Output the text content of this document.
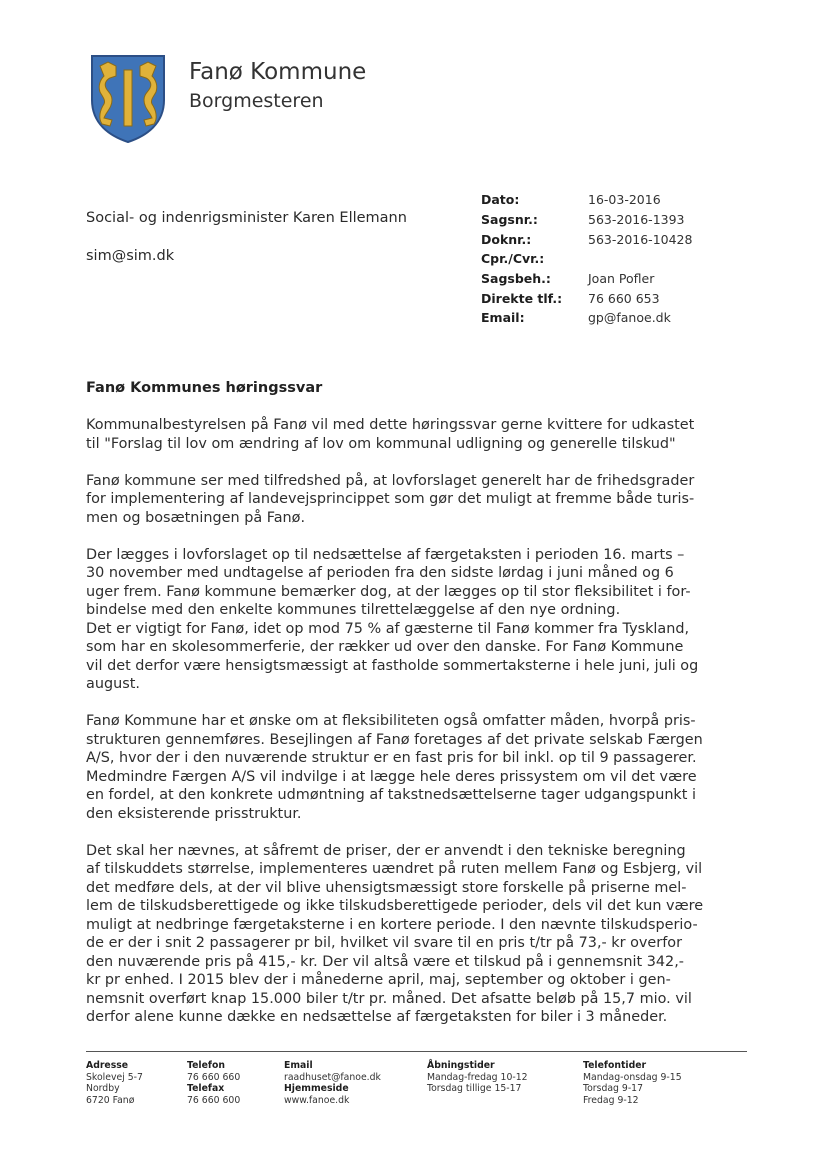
Fanø Kommune
Borgmesteren
Social- og indenrigsminister Karen Ellemann
sim@sim.dk
Dato:	16-03-2016
Sagsnr.:	563-2016-1393
Doknr.:	563-2016-10428
Cpr./Cvr.:
Sagsbeh.:	Joan Pofler
Direkte tlf.:	76 660 653
Email:	gp@fanoe.dk
Fanø Kommunes høringssvar

Kommunalbestyrelsen på Fanø vil med dette høringssvar gerne kvittere for udkastet
til "Forslag til lov om ændring af lov om kommunal udligning og generelle tilskud"

Fanø kommune ser med tilfredshed på, at lovforslaget generelt har de frihedsgrader
for implementering af landevejsprincippet som gør det muligt at fremme både turis-
men og bosætningen på Fanø.

Der lægges i lovforslaget op til nedsættelse af færgetaksten i perioden 16. marts –
30 november med undtagelse af perioden fra den sidste lørdag i juni måned og 6
uger frem. Fanø kommune bemærker dog, at der lægges op til stor fleksibilitet i for-
bindelse med den enkelte kommunes tilrettelæggelse af den nye ordning.
Det er vigtigt for Fanø, idet op mod 75 % af gæsterne til Fanø kommer fra Tyskland,
som har en skolesommerferie, der rækker ud over den danske. For Fanø Kommune
vil det derfor være hensigtsmæssigt at fastholde sommertaksterne i hele juni, juli og
august.

Fanø Kommune har et ønske om at fleksibiliteten også omfatter måden, hvorpå pris-
strukturen gennemføres. Besejlingen af Fanø foretages af det private selskab Færgen
A/S, hvor der i den nuværende struktur er en fast pris for bil inkl. op til 9 passagerer.
Medmindre Færgen A/S vil indvilge i at lægge hele deres prissystem om vil det være
en fordel, at den konkrete udmøntning af takstnedsættelserne tager udgangspunkt i
den eksisterende prisstruktur.

Det skal her nævnes, at såfremt de priser, der er anvendt i den tekniske beregning
af tilskuddets størrelse, implementeres uændret på ruten mellem Fanø og Esbjerg, vil
det medføre dels, at der vil blive uhensigtsmæssigt store forskelle på priserne mel-
lem de tilskudsberettigede og ikke tilskudsberettigede perioder, dels vil det kun være
muligt at nedbringe færgetaksterne i en kortere periode. I den nævnte tilskudsperio-
de er der i snit 2 passagerer pr bil, hvilket vil svare til en pris t/tr på 73,- kr overfor
den nuværende pris på 415,- kr. Der vil altså være et tilskud på i gennemsnit 342,-
kr pr enhed. I 2015 blev der i månederne april, maj, september og oktober i gen-
nemsnit overført knap 15.000 biler t/tr pr. måned. Det afsatte beløb på 15,7 mio. vil
derfor alene kunne dække en nedsættelse af færgetaksten for biler i 3 måneder.

Adresse
Skolevej 5-7
Nordby
6720 Fanø
Telefon
76 660 660
Telefax
76 660 600
Email
raadhuset@fanoe.dk
Hjemmeside
www.fanoe.dk
Åbningstider
Mandag-fredag 10-12
Torsdag tillige 15-17
Telefontider
Mandag-onsdag 9-15
Torsdag 9-17
Fredag 9-12
